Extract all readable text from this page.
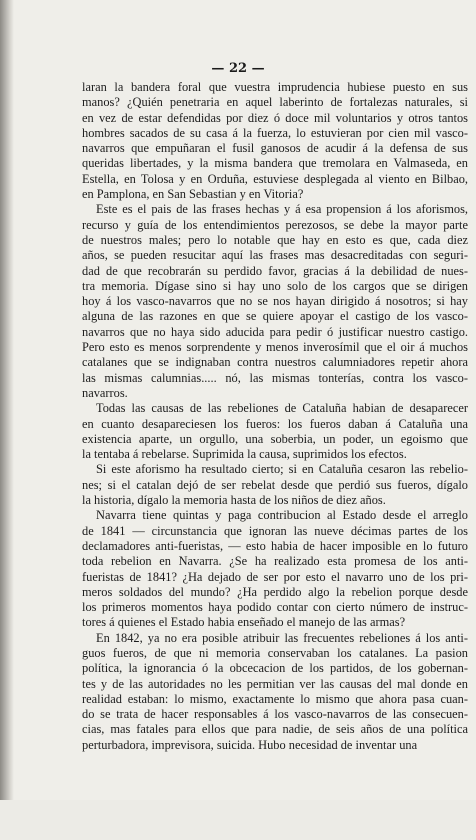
— 22 —
laran la bandera foral que vuestra imprudencia hubiese puesto en sus
manos? ¿Quién penetraria en aquel laberinto de fortalezas naturales, si
en vez de estar defendidas por diez ó doce mil voluntarios y otros tantos
hombres sacados de su casa á la fuerza, lo estuvieran por cien mil vasco-
navarros que empuñaran el fusil ganosos de acudir á la defensa de sus
queridas libertades, y la misma bandera que tremolara en Valmaseda, en
Estella, en Tolosa y en Orduña, estuviese desplegada al viento en Bilbao,
en Pamplona, en San Sebastian y en Vitoria?
Este es el pais de las frases hechas y á esa propension á los aforismos,
recurso y guía de los entendimientos perezosos, se debe la mayor parte
de nuestros males; pero lo notable que hay en esto es que, cada diez
años, se pueden resucitar aquí las frases mas desacreditadas con seguri-
dad de que recobrarán su perdido favor, gracias á la debilidad de nues-
tra memoria. Dígase sino si hay uno solo de los cargos que se dirigen
hoy á los vasco-navarros que no se nos hayan dirigido á nosotros; si hay
alguna de las razones en que se quiere apoyar el castigo de los vasco-
navarros que no haya sido aducida para pedir ó justificar nuestro castigo.
Pero esto es menos sorprendente y menos inverosímil que el oir á muchos
catalanes que se indignaban contra nuestros calumniadores repetir ahora
las mismas calumnias..... nó, las mismas tonterías, contra los vasco-
navarros.
Todas las causas de las rebeliones de Cataluña habian de desaparecer
en cuanto desapareciesen los fueros: los fueros daban á Cataluña una
existencia aparte, un orgullo, una soberbia, un poder, un egoismo que
la tentaba á rebelarse. Suprimida la causa, suprimidos los efectos.
Si este aforismo ha resultado cierto; si en Cataluña cesaron las rebelio-
nes; si el catalan dejó de ser rebelat desde que perdió sus fueros, dígalo
la historia, dígalo la memoria hasta de los niños de diez años.
Navarra tiene quintas y paga contribucion al Estado desde el arreglo
de 1841 — circunstancia que ignoran las nueve décimas partes de los
declamadores anti-fueristas, — esto habia de hacer imposible en lo futuro
toda rebelion en Navarra. ¿Se ha realizado esta promesa de los anti-
fueristas de 1841? ¿Ha dejado de ser por esto el navarro uno de los pri-
meros soldados del mundo? ¿Ha perdido algo la rebelion porque desde
los primeros momentos haya podido contar con cierto número de instruc-
tores á quienes el Estado habia enseñado el manejo de las armas?
En 1842, ya no era posible atribuir las frecuentes rebeliones á los anti-
guos fueros, de que ni memoria conservaban los catalanes. La pasion
política, la ignorancia ó la obcecacion de los partidos, de los gobernan-
tes y de las autoridades no les permitian ver las causas del mal donde en
realidad estaban: lo mismo, exactamente lo mismo que ahora pasa cuan-
do se trata de hacer responsables á los vasco-navarros de las consecuen-
cias, mas fatales para ellos que para nadie, de seis años de una política
perturbadora, imprevisora, suicida. Hubo necesidad de inventar una
